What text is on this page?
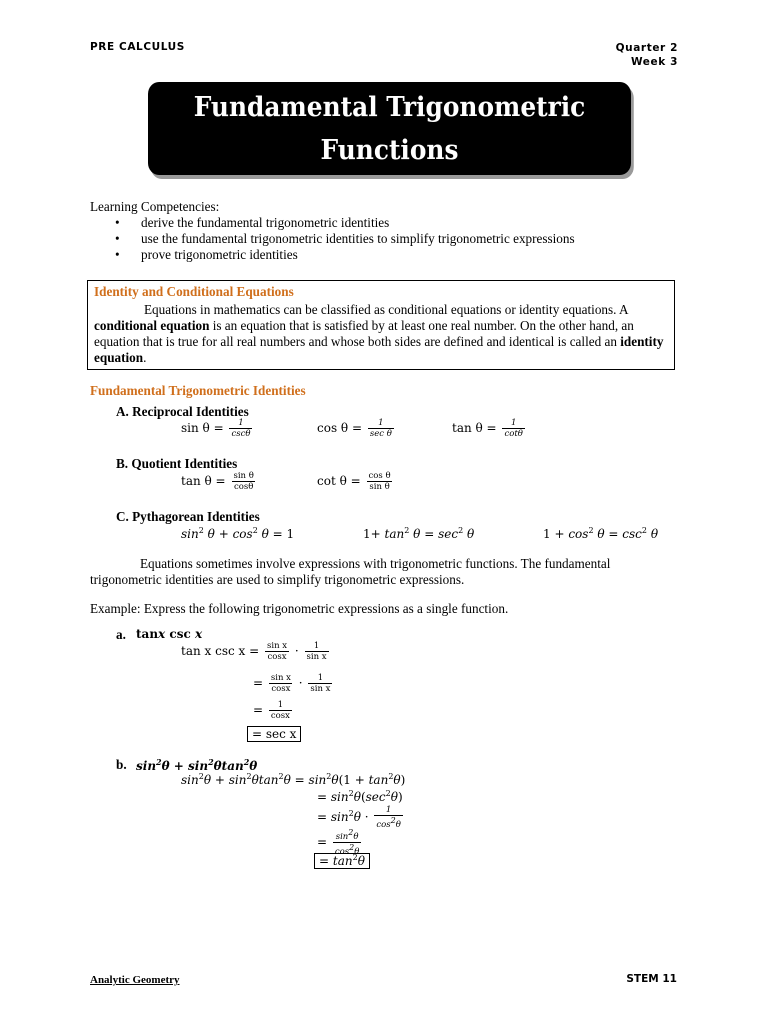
PRE CALCULUS	Quarter 2
Week 3
Fundamental Trigonometric
Functions
Learning Competencies:
• derive the fundamental trigonometric identities
• use the fundamental trigonometric identities to simplify trigonometric expressions
• prove trigonometric identities
Identity and Conditional Equations
Equations in mathematics can be classified as conditional equations or identity equations. A conditional equation is an equation that is satisfied by at least one real number. On the other hand, an equation that is true for all real numbers and whose both sides are defined and identical is called an identity equation.
Fundamental Trigonometric Identities
A. Reciprocal Identities
$\sin \theta = \frac{1}{\csc\theta}$	$\cos \theta = \frac{1}{\text{sec θ}}$	$\tan \theta = \frac{1}{\cot\theta}$
B. Quotient Identities
$\tan \theta = \frac{\text{sin θ}}{\cos\theta}$	$\cot \theta = \frac{\text{cos θ}}{\text{sin θ}}$
C. Pythagorean Identities
$\sin^2 \theta + \cos^2 \theta = 1$	$1+ \tan^2 \theta = \sec^2 \theta$	$1 + \cos^2 \theta = \csc^2 \theta$
Equations sometimes involve expressions with trigonometric functions. The fundamental trigonometric identities are used to simplify trigonometric expressions.
Example: Express the following trigonometric expressions as a single function.
a. tanx csc x
tan x $\csc x = \frac{\text{sin x}}{\cos x} \cdot \frac{1}{\text{sin x}}$
= $\frac{\text{sin x}}{\cos x} \cdot \frac{1}{\text{sin x}}$
= $\frac{1}{\cos x}$
= sec x
b. $\sin^2\theta + \sin^2\theta\tan^2\theta$
$\sin^2\theta + \sin^2\theta\tan^2\theta = \sin^2\theta(1 + \tan^2\theta)$
= $\sin^2\theta(\sec^2\theta)$
= $\sin^2\theta \cdot \frac{1}{\cos^2\theta}$
= $\frac{\sin^2\theta}{\cos^2\theta}$
= $\tan^2\theta$
Analytic Geometry	STEM 11
